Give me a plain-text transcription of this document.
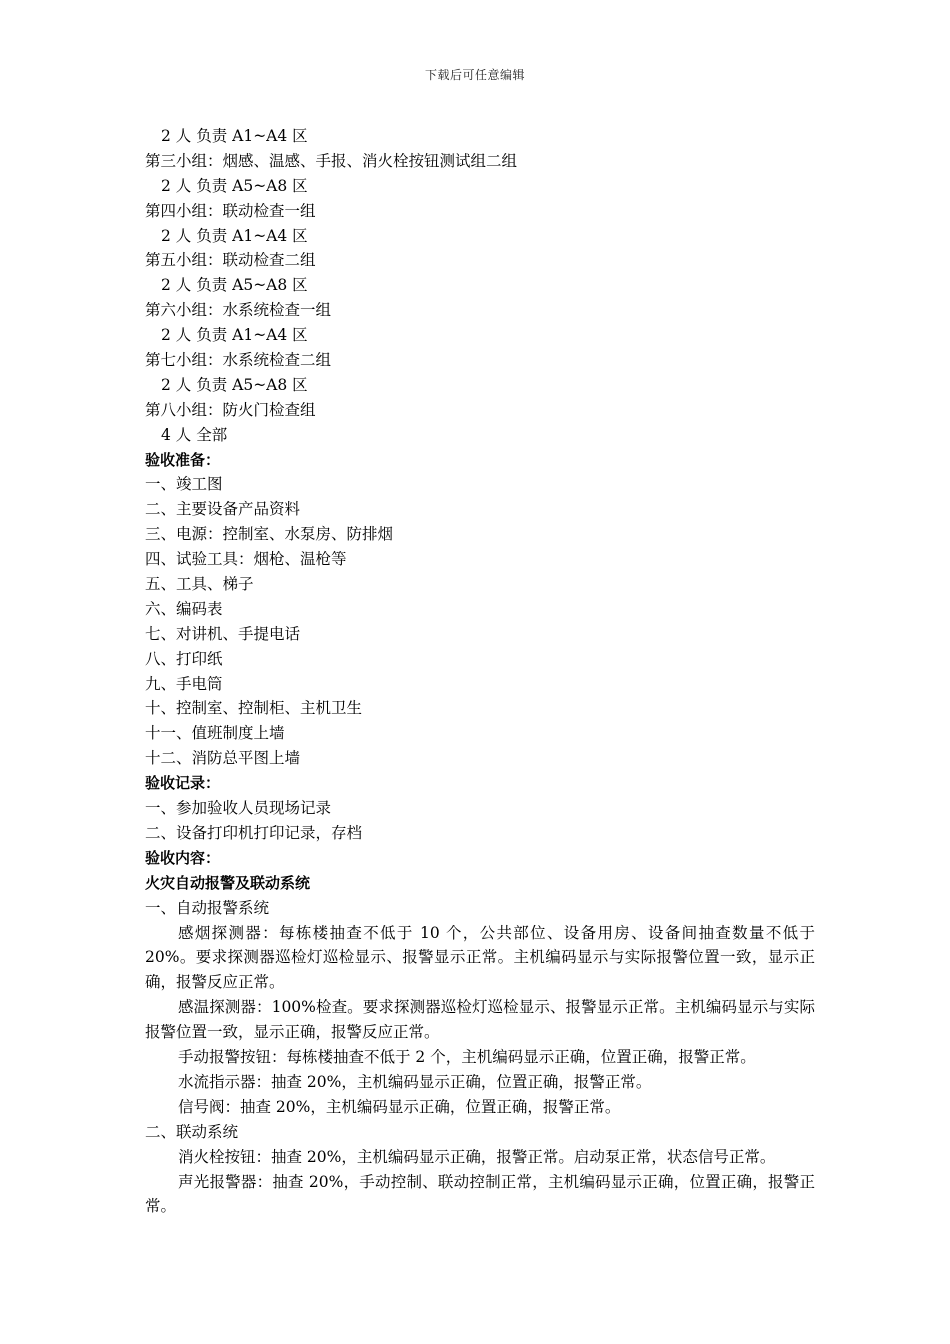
下载后可任意编辑
2 人 负责 A1~A4 区
第三小组：烟感、温感、手报、消火栓按钮测试组二组
2 人 负责 A5~A8 区
第四小组：联动检查一组
2 人 负责 A1~A4 区
第五小组：联动检查二组
2 人 负责 A5~A8 区
第六小组：水系统检查一组
2 人 负责 A1~A4 区
第七小组：水系统检查二组
2 人 负责 A5~A8 区
第八小组：防火门检查组
4 人 全部
验收准备：
一、竣工图
二、主要设备产品资料
三、电源：控制室、水泵房、防排烟
四、试验工具：烟枪、温枪等
五、工具、梯子
六、编码表
七、对讲机、手提电话
八、打印纸
九、手电筒
十、控制室、控制柜、主机卫生
十一、值班制度上墙
十二、消防总平图上墙
验收记录：
一、参加验收人员现场记录
二、设备打印机打印记录，存档
验收内容：
火灾自动报警及联动系统
一、自动报警系统

感烟探测器：每栋楼抽查不低于 10 个，公共部位、设备用房、设备间抽查数量不低于 20%。要求探测器巡检灯巡检显示、报警显示正常。主机编码显示与实际报警位置一致，显示正确，报警反应正常。

感温探测器：100%检查。要求探测器巡检灯巡检显示、报警显示正常。主机编码显示与实际报警位置一致，显示正确，报警反应正常。

手动报警按钮：每栋楼抽查不低于 2 个，主机编码显示正确，位置正确，报警正常。

水流指示器：抽查 20%，主机编码显示正确，位置正确，报警正常。

信号阀：抽查 20%，主机编码显示正确，位置正确，报警正常。

二、联动系统

消火栓按钮：抽查 20%，主机编码显示正确，报警正常。启动泵正常，状态信号正常。

声光报警器：抽查 20%，手动控制、联动控制正常，主机编码显示正确，位置正确，报警正常。
